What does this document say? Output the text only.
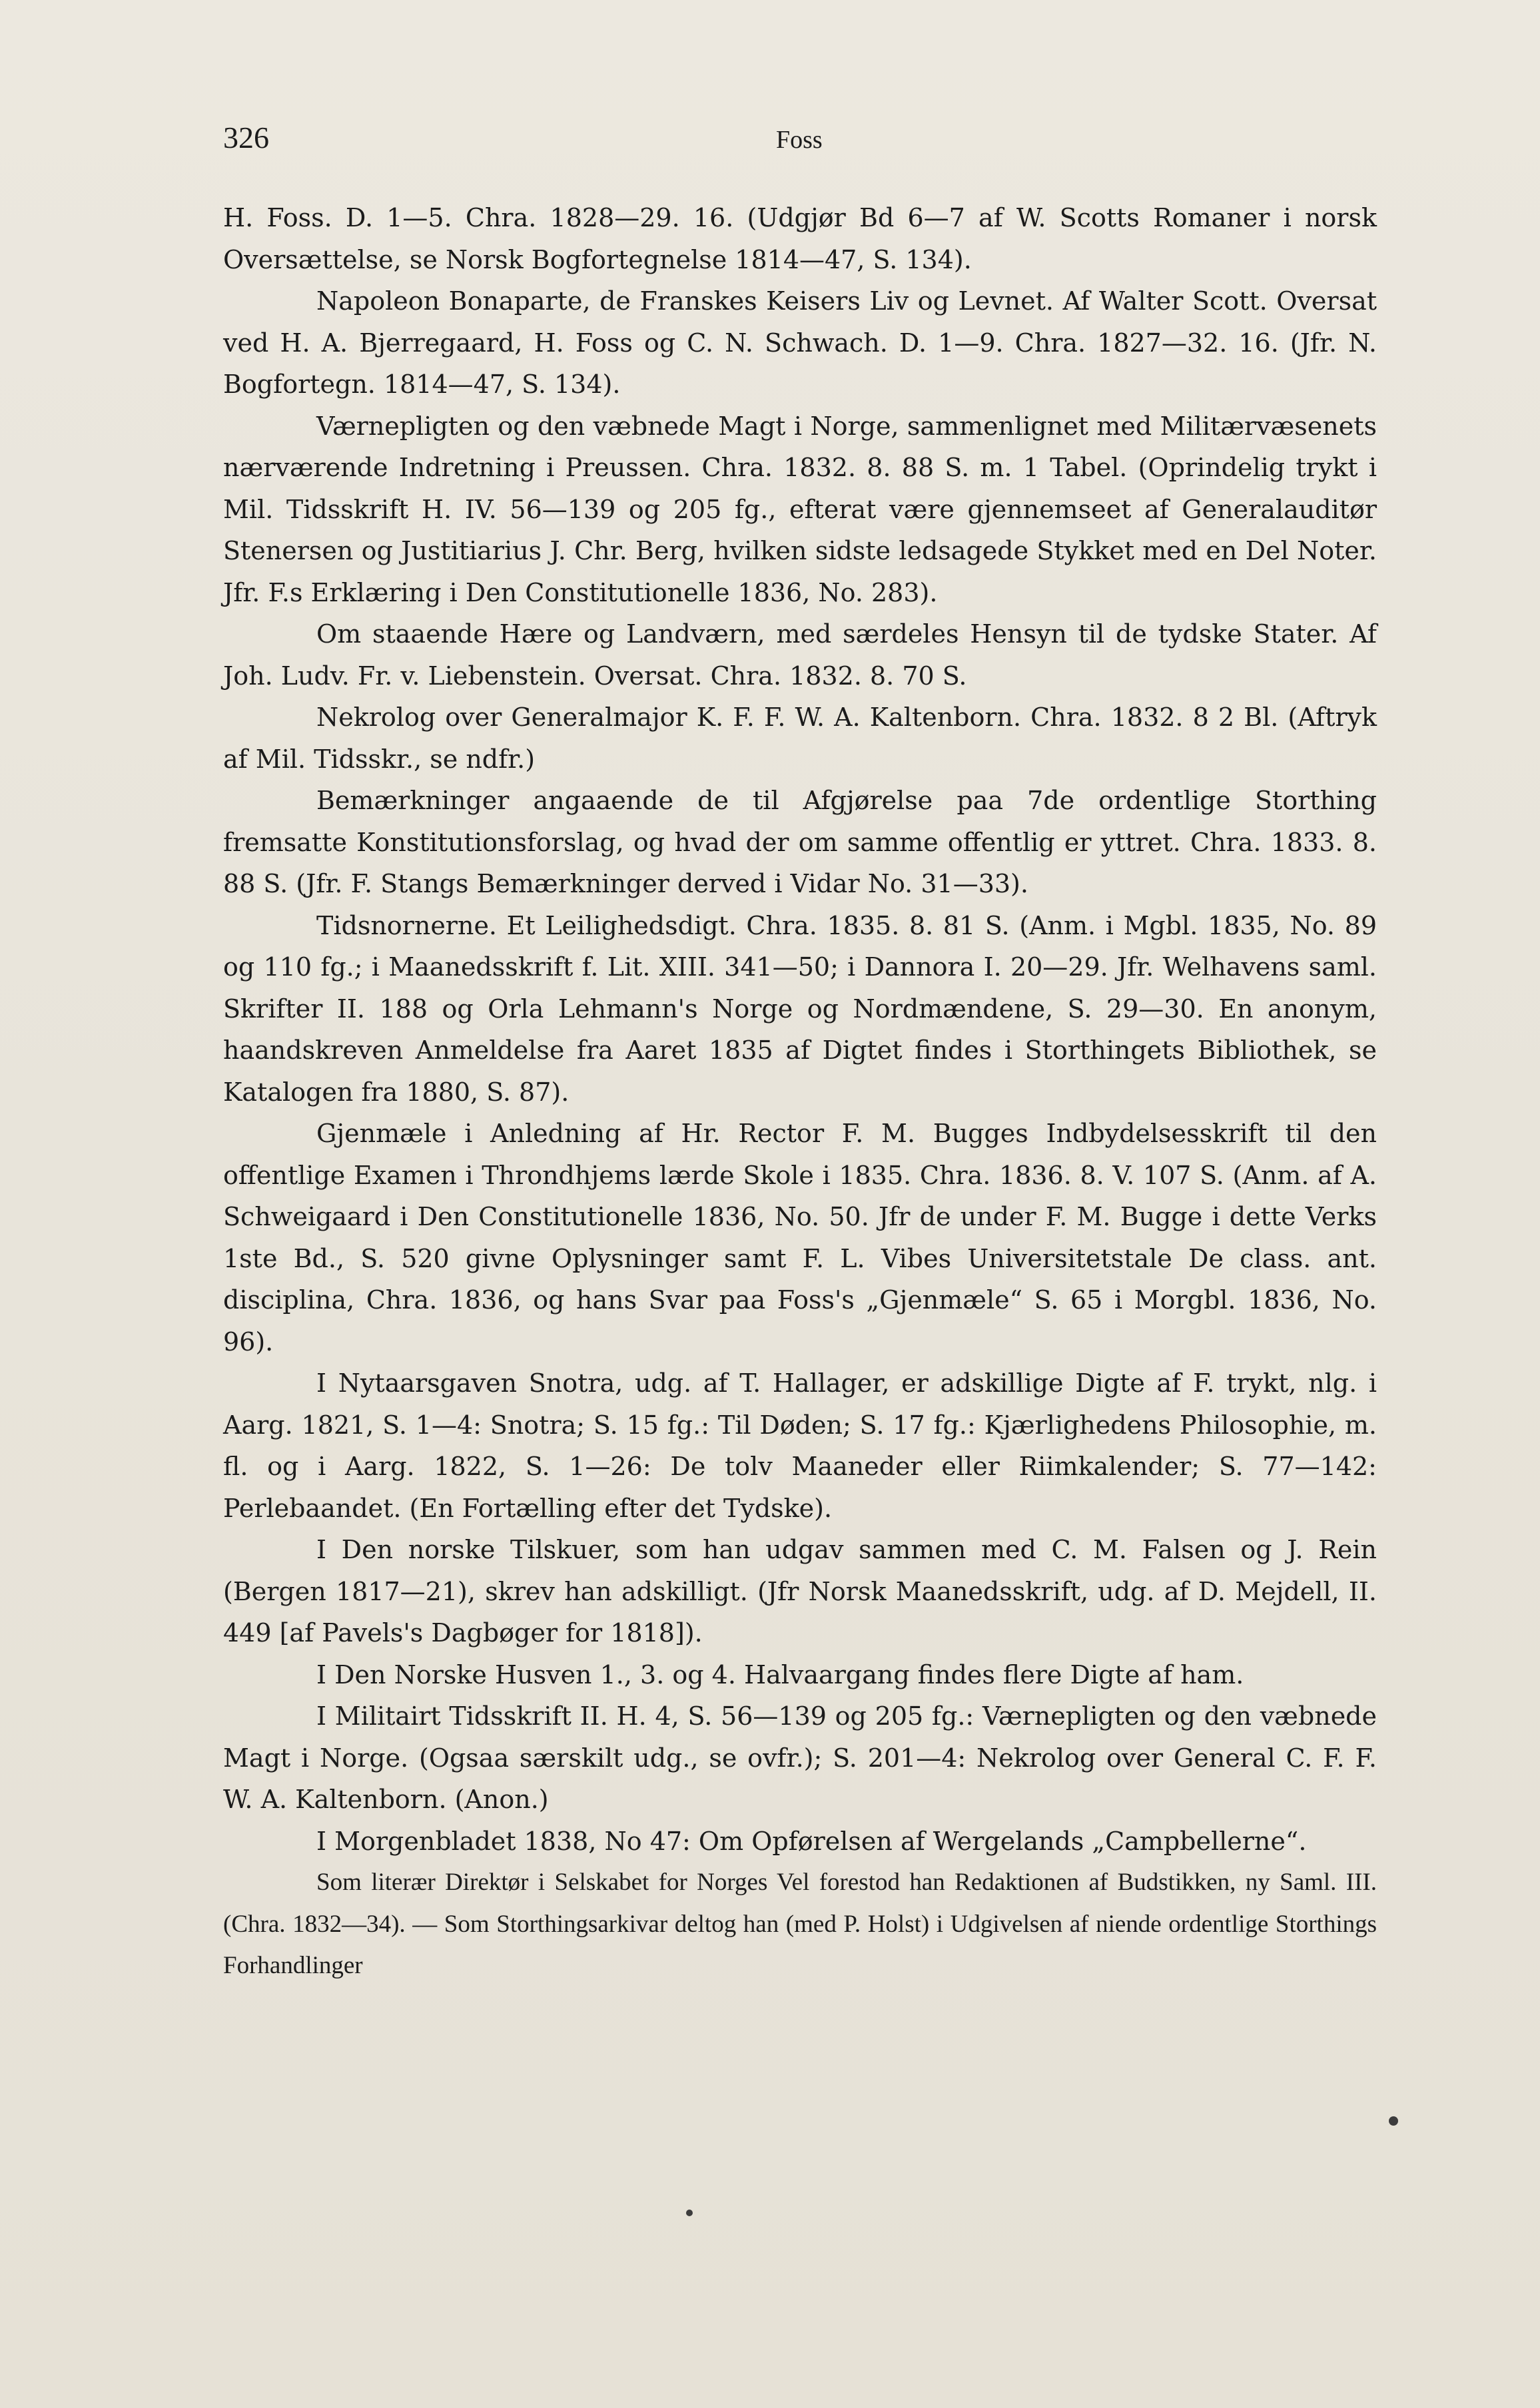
326	Foss

H. Foss. D. 1—5. Chra. 1828—29. 16. (Udgjør Bd 6—7 af W. Scotts Romaner i norsk Oversættelse, se Norsk Bogfortegnelse 1814—47, S. 134).

Napoleon Bonaparte, de Franskes Keisers Liv og Levnet. Af Walter Scott. Oversat ved H. A. Bjerregaard, H. Foss og C. N. Schwach. D. 1—9. Chra. 1827—32. 16. (Jfr. N. Bogfortegn. 1814—47, S. 134).

Værnepligten og den væbnede Magt i Norge, sammenlignet med Militærvæsenets nærværende Indretning i Preussen. Chra. 1832. 8. 88 S. m. 1 Tabel. (Oprindelig trykt i Mil. Tidsskrift H. IV. 56—139 og 205 fg., efterat være gjennemseet af Generalauditør Stenersen og Justitiarius J. Chr. Berg, hvilken sidste ledsagede Stykket med en Del Noter. Jfr. F.s Erklæring i Den Constitutionelle 1836, No. 283).

Om staaende Hære og Landværn, med særdeles Hensyn til de tydske Stater. Af Joh. Ludv. Fr. v. Liebenstein. Oversat. Chra. 1832. 8. 70 S.

Nekrolog over Generalmajor K. F. F. W. A. Kaltenborn. Chra. 1832. 8 2 Bl. (Aftryk af Mil. Tidsskr., se ndfr.)

Bemærkninger angaaende de til Afgjørelse paa 7de ordentlige Storthing fremsatte Konstitutionsforslag, og hvad der om samme offentlig er yttret. Chra. 1833. 8. 88 S. (Jfr. F. Stangs Bemærkninger derved i Vidar No. 31—33).

Tidsnornerne. Et Leilighedsdigt. Chra. 1835. 8. 81 S. (Anm. i Mgbl. 1835, No. 89 og 110 fg.; i Maanedsskrift f. Lit. XIII. 341—50; i Dannora I. 20—29. Jfr. Welhavens saml. Skrifter II. 188 og Orla Lehmann's Norge og Nordmændene, S. 29—30. En anonym, haandskreven Anmeldelse fra Aaret 1835 af Digtet findes i Storthingets Bibliothek, se Katalogen fra 1880, S. 87).

Gjenmæle i Anledning af Hr. Rector F. M. Bugges Indbydelsesskrift til den offentlige Examen i Throndhjems lærde Skole i 1835. Chra. 1836. 8. V. 107 S. (Anm. af A. Schweigaard i Den Constitutionelle 1836, No. 50. Jfr de under F. M. Bugge i dette Verks 1ste Bd., S. 520 givne Oplysninger samt F. L. Vibes Universitetstale De class. ant. disciplina, Chra. 1836, og hans Svar paa Foss's „Gjenmæle“ S. 65 i Morgbl. 1836, No. 96).

I Nytaarsgaven Snotra, udg. af T. Hallager, er adskillige Digte af F. trykt, nlg. i Aarg. 1821, S. 1—4: Snotra; S. 15 fg.: Til Døden; S. 17 fg.: Kjærlighedens Philosophie, m. fl. og i Aarg. 1822, S. 1—26: De tolv Maaneder eller Riimkalender; S. 77—142: Perlebaandet. (En Fortælling efter det Tydske).

I Den norske Tilskuer, som han udgav sammen med C. M. Falsen og J. Rein (Bergen 1817—21), skrev han adskilligt. (Jfr Norsk Maanedsskrift, udg. af D. Mejdell, II. 449 [af Pavels's Dagbøger for 1818]).

I Den Norske Husven 1., 3. og 4. Halvaargang findes flere Digte af ham.

I Militairt Tidsskrift II. H. 4, S. 56—139 og 205 fg.: Værnepligten og den væbnede Magt i Norge. (Ogsaa særskilt udg., se ovfr.); S. 201—4: Nekrolog over General C. F. F. W. A. Kaltenborn. (Anon.)

I Morgenbladet 1838, No 47: Om Opførelsen af Wergelands „Campbellerne“.

Som literær Direktør i Selskabet for Norges Vel forestod han Redaktionen af Budstikken, ny Saml. III. (Chra. 1832—34). — Som Storthingsarkivar deltog han (med P. Holst) i Udgivelsen af niende ordentlige Storthings Forhandlinger
